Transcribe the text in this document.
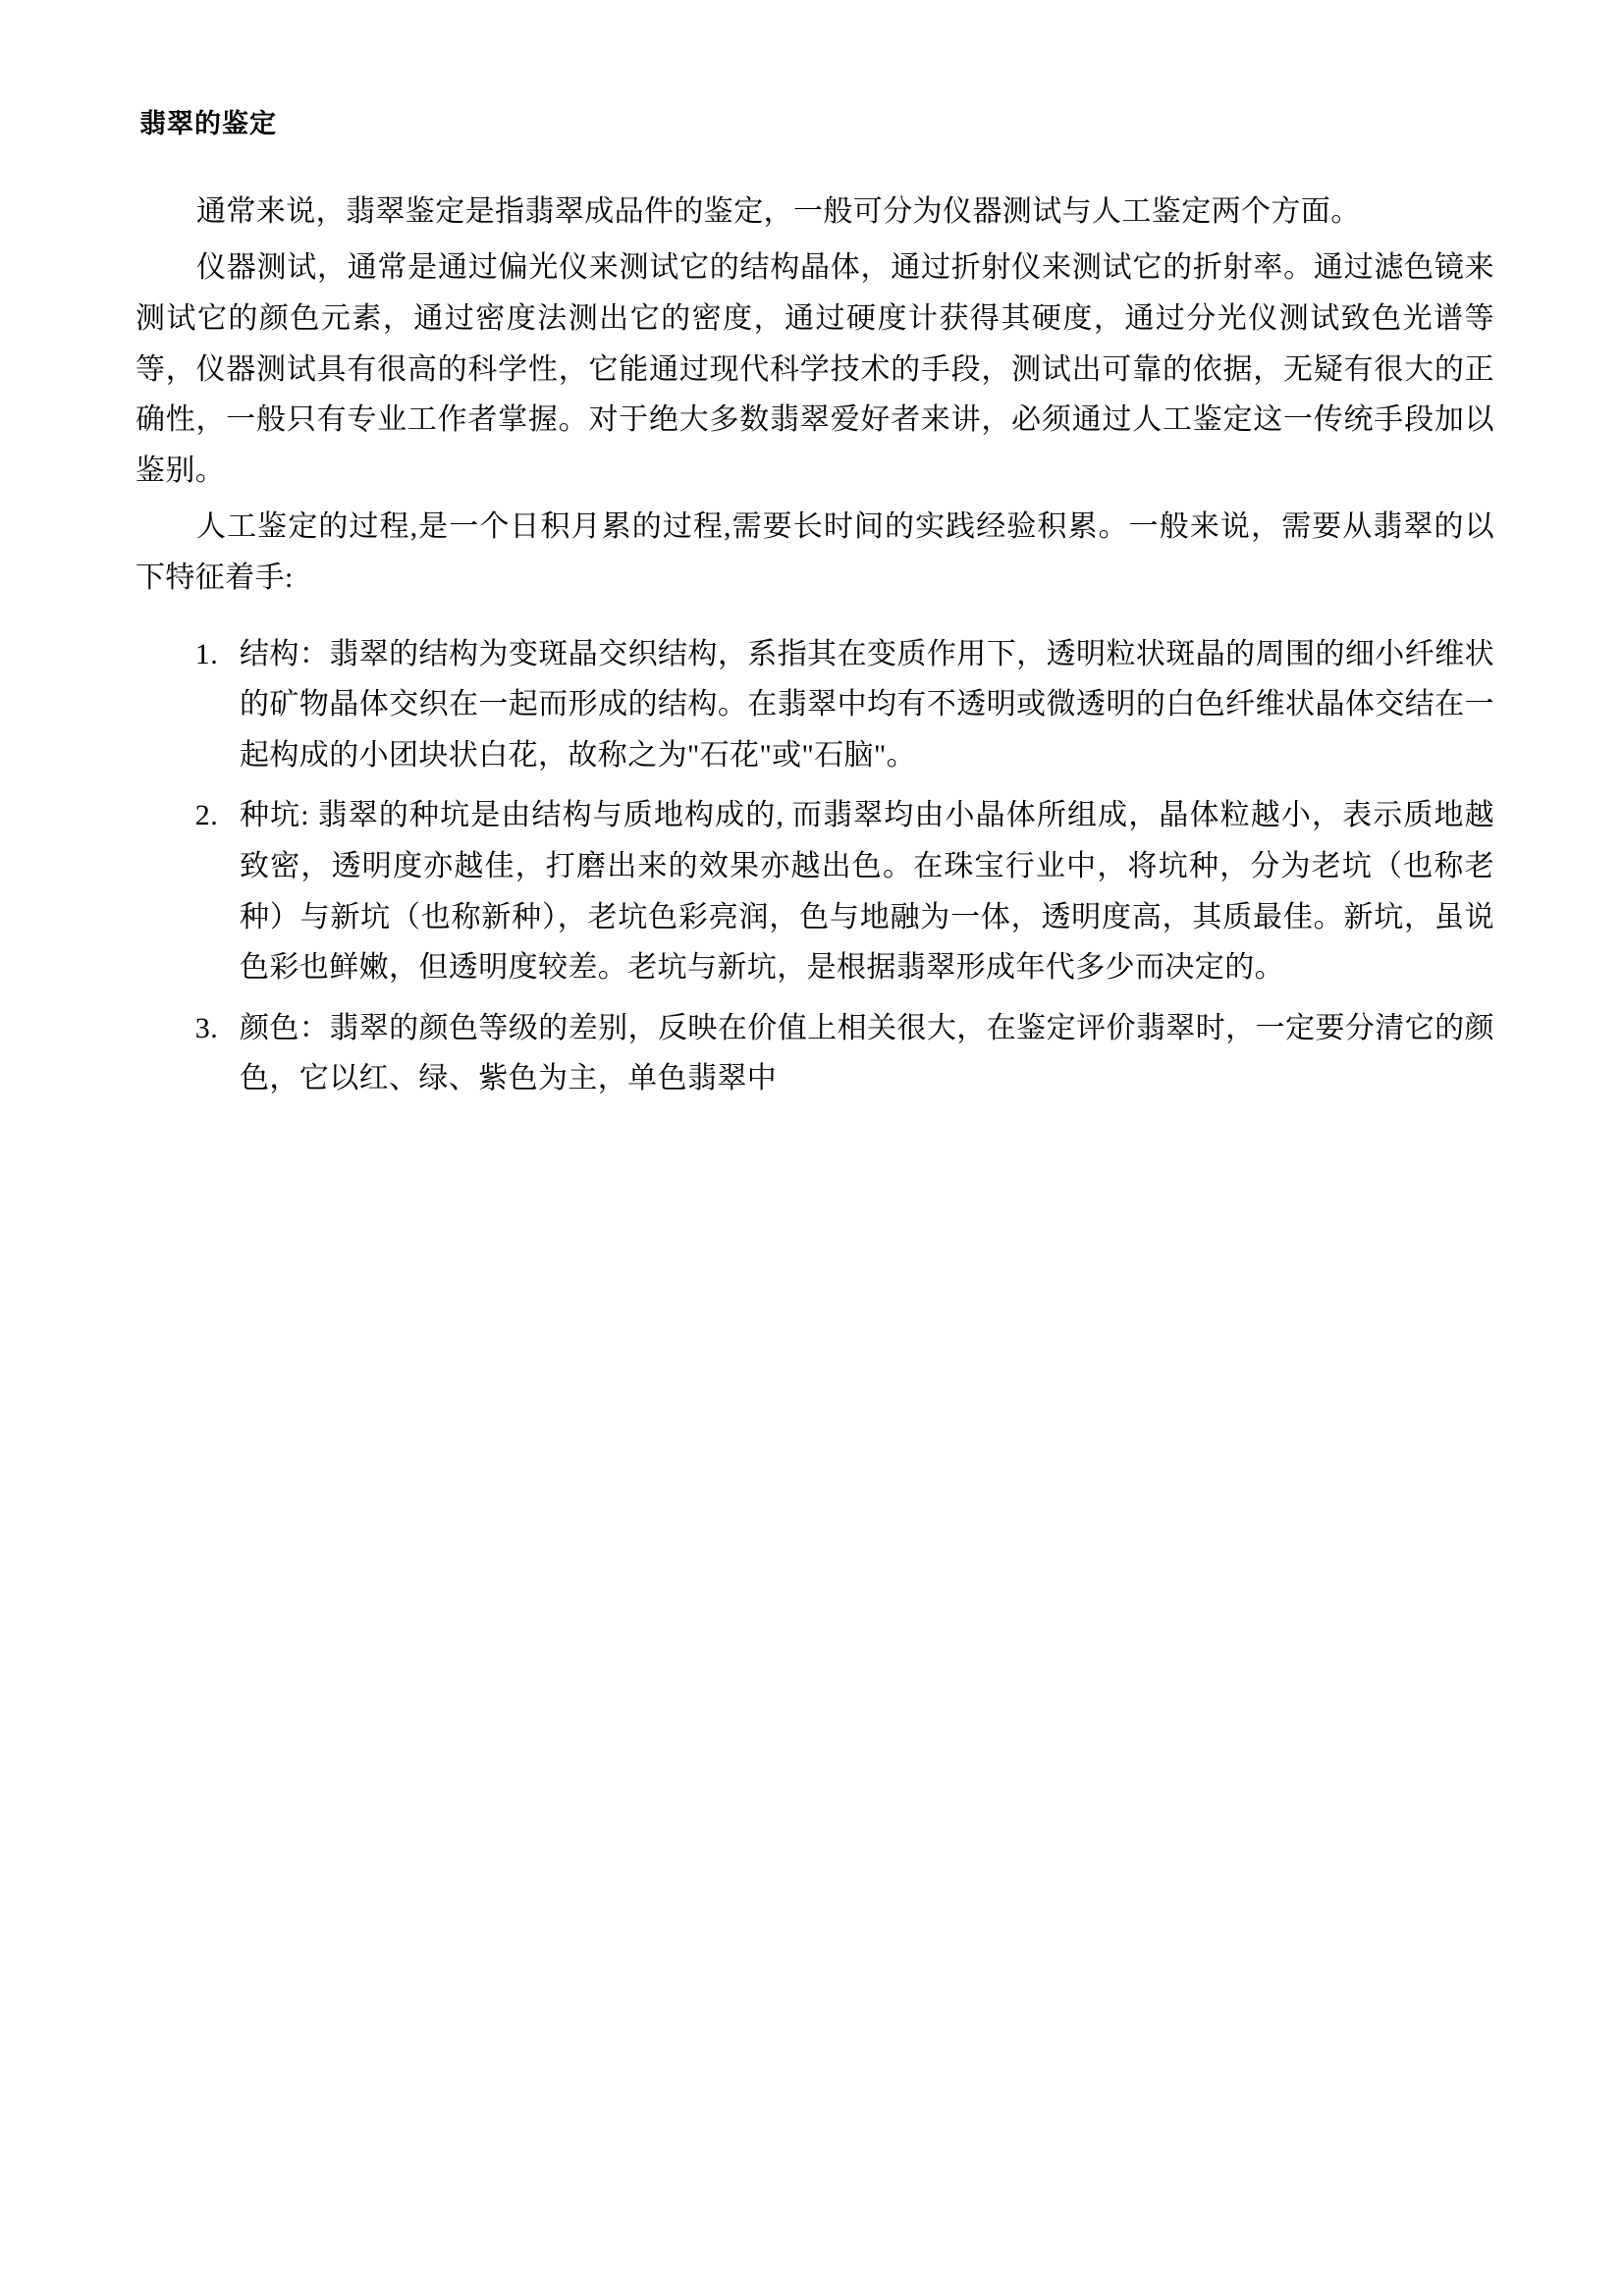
翡翠的鉴定

通常来说，翡翠鉴定是指翡翠成品件的鉴定，一般可分为仪器测试与人工鉴定两个方面。

仪器测试，通常是通过偏光仪来测试它的结构晶体，通过折射仪来测试它的折射率。通过滤色镜来测试它的颜色元素，通过密度法测出它的密度，通过硬度计获得其硬度，通过分光仪测试致色光谱等等，仪器测试具有很高的科学性，它能通过现代科学技术的手段，测试出可靠的依据，无疑有很大的正确性，一般只有专业工作者掌握。对于绝大多数翡翠爱好者来讲，必须通过人工鉴定这一传统手段加以鉴别。

人工鉴定的过程,是一个日积月累的过程,需要长时间的实践经验积累。一般来说，需要从翡翠的以下特征着手:

1. 结构：翡翠的结构为变斑晶交织结构，系指其在变质作用下，透明粒状斑晶的周围的细小纤维状的矿物晶体交织在一起而形成的结构。在翡翠中均有不透明或微透明的白色纤维状晶体交结在一起构成的小团块状白花，故称之为"石花"或"石脑"。
2. 种坑: 翡翠的种坑是由结构与质地构成的, 而翡翠均由小晶体所组成，晶体粒越小，表示质地越致密，透明度亦越佳，打磨出来的效果亦越出色。在珠宝行业中，将坑种，分为老坑（也称老种）与新坑（也称新种），老坑色彩亮润，色与地融为一体，透明度高，其质最佳。新坑，虽说色彩也鲜嫩，但透明度较差。老坑与新坑，是根据翡翠形成年代多少而决定的。
3. 颜色：翡翠的颜色等级的差别，反映在价值上相关很大，在鉴定评价翡翠时，一定要分清它的颜色，它以红、绿、紫色为主，单色翡翠中
